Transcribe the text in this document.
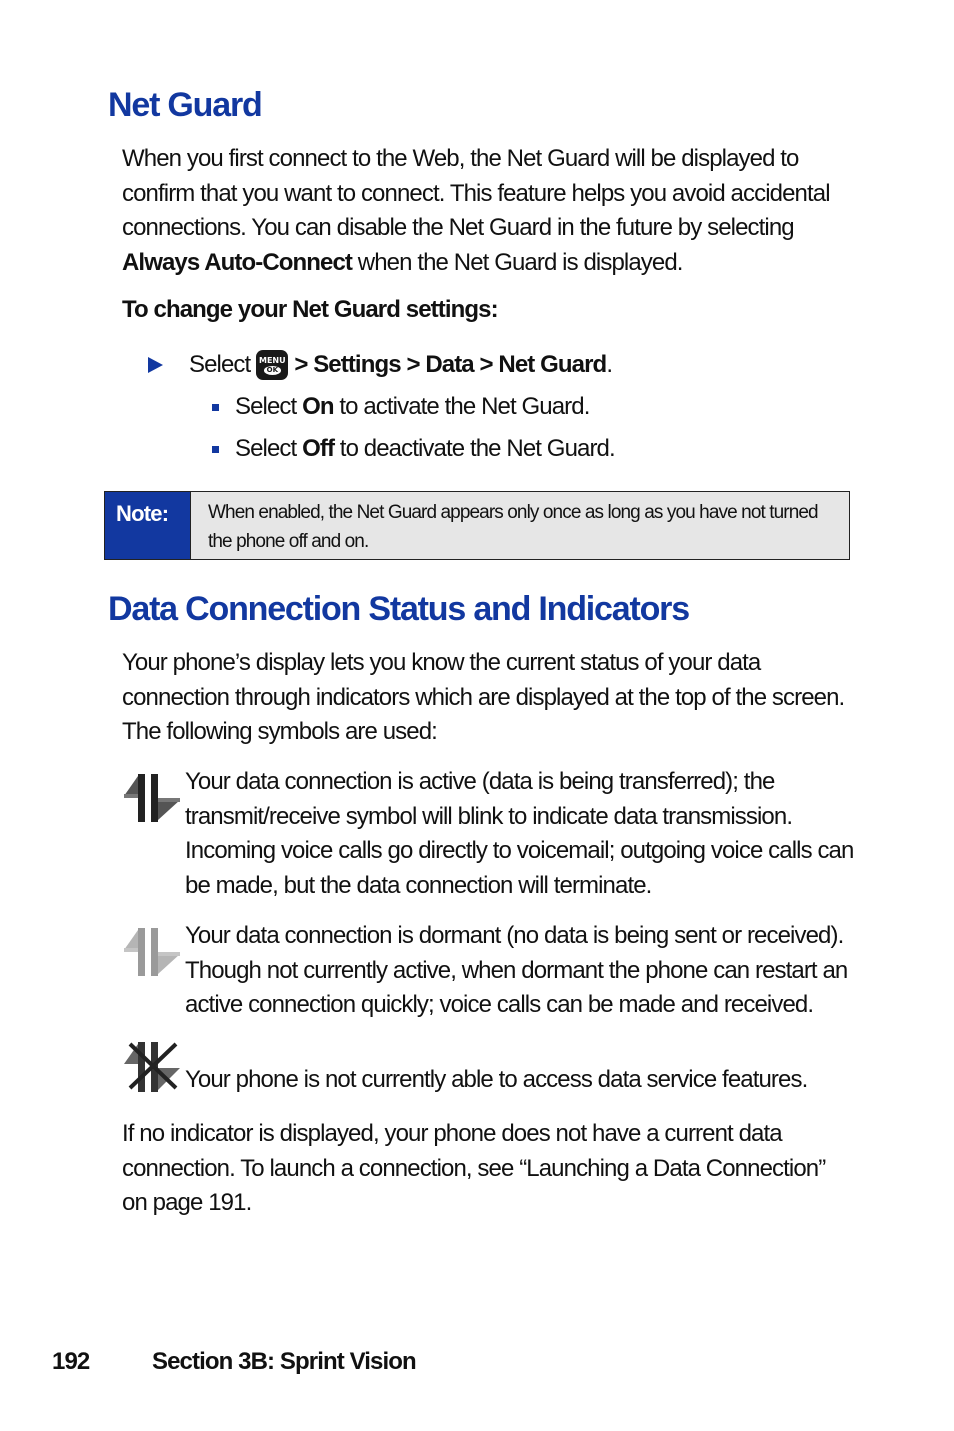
Net Guard

When you first connect to the Web, the Net Guard will be displayed to confirm that you want to connect. This feature helps you avoid accidental connections. You can disable the Net Guard in the future by selecting Always Auto-Connect when the Net Guard is displayed.

To change your Net Guard settings:

Select MENU
OK > Settings > Data > Net Guard .
Select On to activate the Net Guard.
Select Off to deactivate the Net Guard.
Note:	When enabled, the Net Guard appears only once as long as you have not turned the phone off and on.
Data Connection Status and Indicators

Your phone’s display lets you know the current status of your data connection through indicators which are displayed at the top of the screen. The following symbols are used:

Your data connection is active (data is being transferred); the transmit/receive symbol will blink to indicate data transmission. Incoming voice calls go directly to voicemail; outgoing voice calls can be made, but the data connection will terminate.

Your data connection is dormant (no data is being sent or received). Though not currently active, when dormant the phone can restart an active connection quickly; voice calls can be made and received.

Your phone is not currently able to access data service features.

If no indicator is displayed, your phone does not have a current data connection. To launch a connection, see “Launching a Data Connection” on page 191.

192	Section 3B: Sprint Vision
